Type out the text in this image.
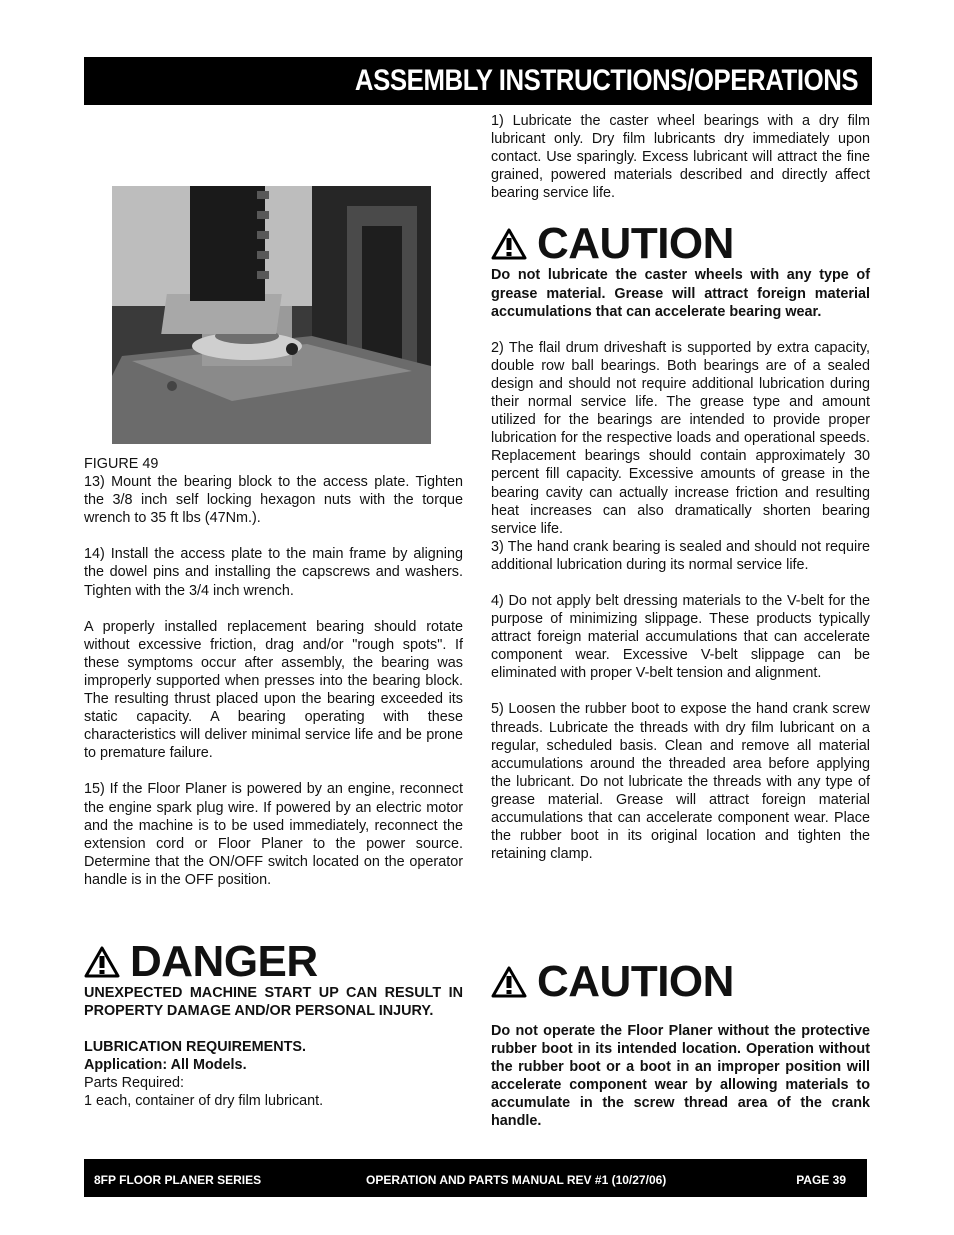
ASSEMBLY INSTRUCTIONS/OPERATIONS

FIGURE 49

13) Mount the bearing block to the access plate. Tighten the 3/8 inch self locking hexagon nuts with the torque wrench to 35 ft lbs (47Nm.).

14) Install the access plate to the main frame by aligning the dowel pins and installing the capscrews and washers. Tighten with the 3/4 inch wrench.

A properly installed replacement bearing should rotate without excessive friction, drag and/or "rough spots". If these symptoms occur after assembly, the bearing was improperly supported when presses into the bearing block. The resulting thrust placed upon the bearing exceeded its static capacity. A bearing operating with these characteristics will deliver minimal service life and be prone to premature failure.

15) If the Floor Planer is powered by an engine, reconnect the engine spark plug wire. If powered by an electric motor and the machine is to be used immediately, reconnect the extension cord or Floor Planer to the power source. Determine that the ON/OFF switch located on the operator handle is in the OFF position.

DANGER

UNEXPECTED MACHINE START UP CAN RESULT IN PROPERTY DAMAGE AND/OR PERSONAL INJURY.

LUBRICATION REQUIREMENTS.

Application: All Models.

Parts Required:

1 each, container of dry film lubricant.

1) Lubricate the caster wheel bearings with a dry film lubricant only. Dry film lubricants dry immediately upon contact. Use sparingly. Excess lubricant will attract the fine grained, powered materials described and directly affect bearing service life.

CAUTION

Do not lubricate the caster wheels with any type of grease material. Grease will attract foreign material accumulations that can accelerate bearing wear.

2) The flail drum driveshaft is supported by extra capacity, double row ball bearings. Both bearings are of a sealed design and should not require additional lubrication during their normal service life. The grease type and amount utilized for the bearings are intended to provide proper lubrication for the respective loads and operational speeds. Replacement bearings should contain approximately 30 percent fill capacity. Excessive amounts of grease in the bearing cavity can actually increase friction and resulting heat increases can also dramatically shorten bearing service life.

3) The hand crank bearing is sealed and should not require additional lubrication during its normal service life.

4) Do not apply belt dressing materials to the V-belt for the purpose of minimizing slippage. These products typically attract foreign material accumulations that can accelerate component wear. Excessive V-belt slippage can be eliminated with proper V-belt tension and alignment.

5) Loosen the rubber boot to expose the hand crank screw threads. Lubricate the threads with dry film lubricant on a regular, scheduled basis. Clean and remove all material accumulations around the threaded area before applying the lubricant. Do not lubricate the threads with any type of grease material. Grease will attract foreign material accumulations that can accelerate component wear. Place the rubber boot in its original location and tighten the retaining clamp.

CAUTION

Do not operate the Floor Planer without the protective rubber boot in its intended location. Operation without the rubber boot or a boot in an improper position will accelerate component wear by allowing materials to accumulate in the screw thread area of the crank handle.

8FP FLOOR PLANER SERIES	OPERATION AND PARTS MANUAL REV #1 (10/27/06)	PAGE 39
